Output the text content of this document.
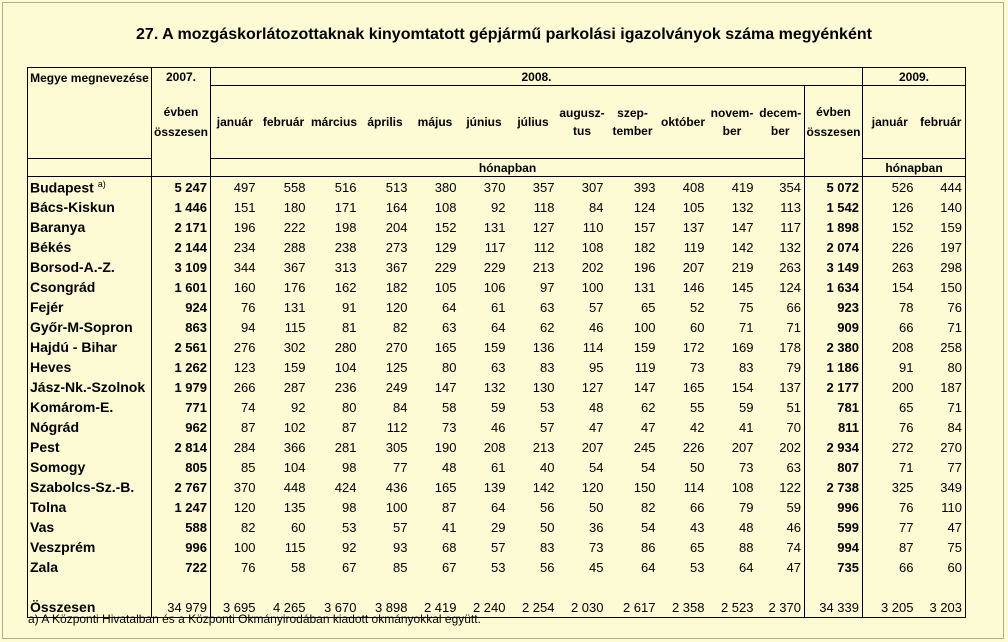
27. A mozgáskorlátozottaknak kinyomtatott gépjármű parkolási igazolványok száma megyénként
Megye megnevezése	2007.	2008.													2009.	
	évben összesen	január	február	március	április	május	június	július	augusz-tus	szep-tember	október	novem-ber	decem-ber	évben összesen	január	február
		hónapban													hónapban	
Budapest $^{a)}$	5 247	497	558	516	513	380	370	357	307	393	408	419	354	5 072	526	444
Bács-Kiskun	1 446	151	180	171	164	108	92	118	84	124	105	132	113	1 542	126	140
Baranya	2 171	196	222	198	204	152	131	127	110	157	137	147	117	1 898	152	159
Békés	2 144	234	288	238	273	129	117	112	108	182	119	142	132	2 074	226	197
Borsod-A.-Z.	3 109	344	367	313	367	229	229	213	202	196	207	219	263	3 149	263	298
Csongrád	1 601	160	176	162	182	105	106	97	100	131	146	145	124	1 634	154	150
Fejér	924	76	131	91	120	64	61	63	57	65	52	75	66	923	78	76
Győr-M-Sopron	863	94	115	81	82	63	64	62	46	100	60	71	71	909	66	71
Hajdú - Bihar	2 561	276	302	280	270	165	159	136	114	159	172	169	178	2 380	208	258
Heves	1 262	123	159	104	125	80	63	83	95	119	73	83	79	1 186	91	80
Jász-Nk.-Szolnok	1 979	266	287	236	249	147	132	130	127	147	165	154	137	2 177	200	187
Komárom-E.	771	74	92	80	84	58	59	53	48	62	55	59	51	781	65	71
Nógrád	962	87	102	87	112	73	46	57	47	47	42	41	70	811	76	84
Pest	2 814	284	366	281	305	190	208	213	207	245	226	207	202	2 934	272	270
Somogy	805	85	104	98	77	48	61	40	54	54	50	73	63	807	71	77
Szabolcs-Sz.-B.	2 767	370	448	424	436	165	139	142	120	150	114	108	122	2 738	325	349
Tolna	1 247	120	135	98	100	87	64	56	50	82	66	79	59	996	76	110
Vas	588	82	60	53	57	41	29	50	36	54	43	48	46	599	77	47
Veszprém	996	100	115	92	93	68	57	83	73	86	65	88	74	994	87	75
Zala	722	76	58	67	85	67	53	56	45	64	53	64	47	735	66	60

Összesen	34 979	3 695	4 265	3 670	3 898	2 419	2 240	2 254	2 030	2 617	2 358	2 523	2 370	34 339	3 205	3 203
a) A Központi Hivatalban és a Központi Okmányirodában kiadott okmányokkal együtt.
